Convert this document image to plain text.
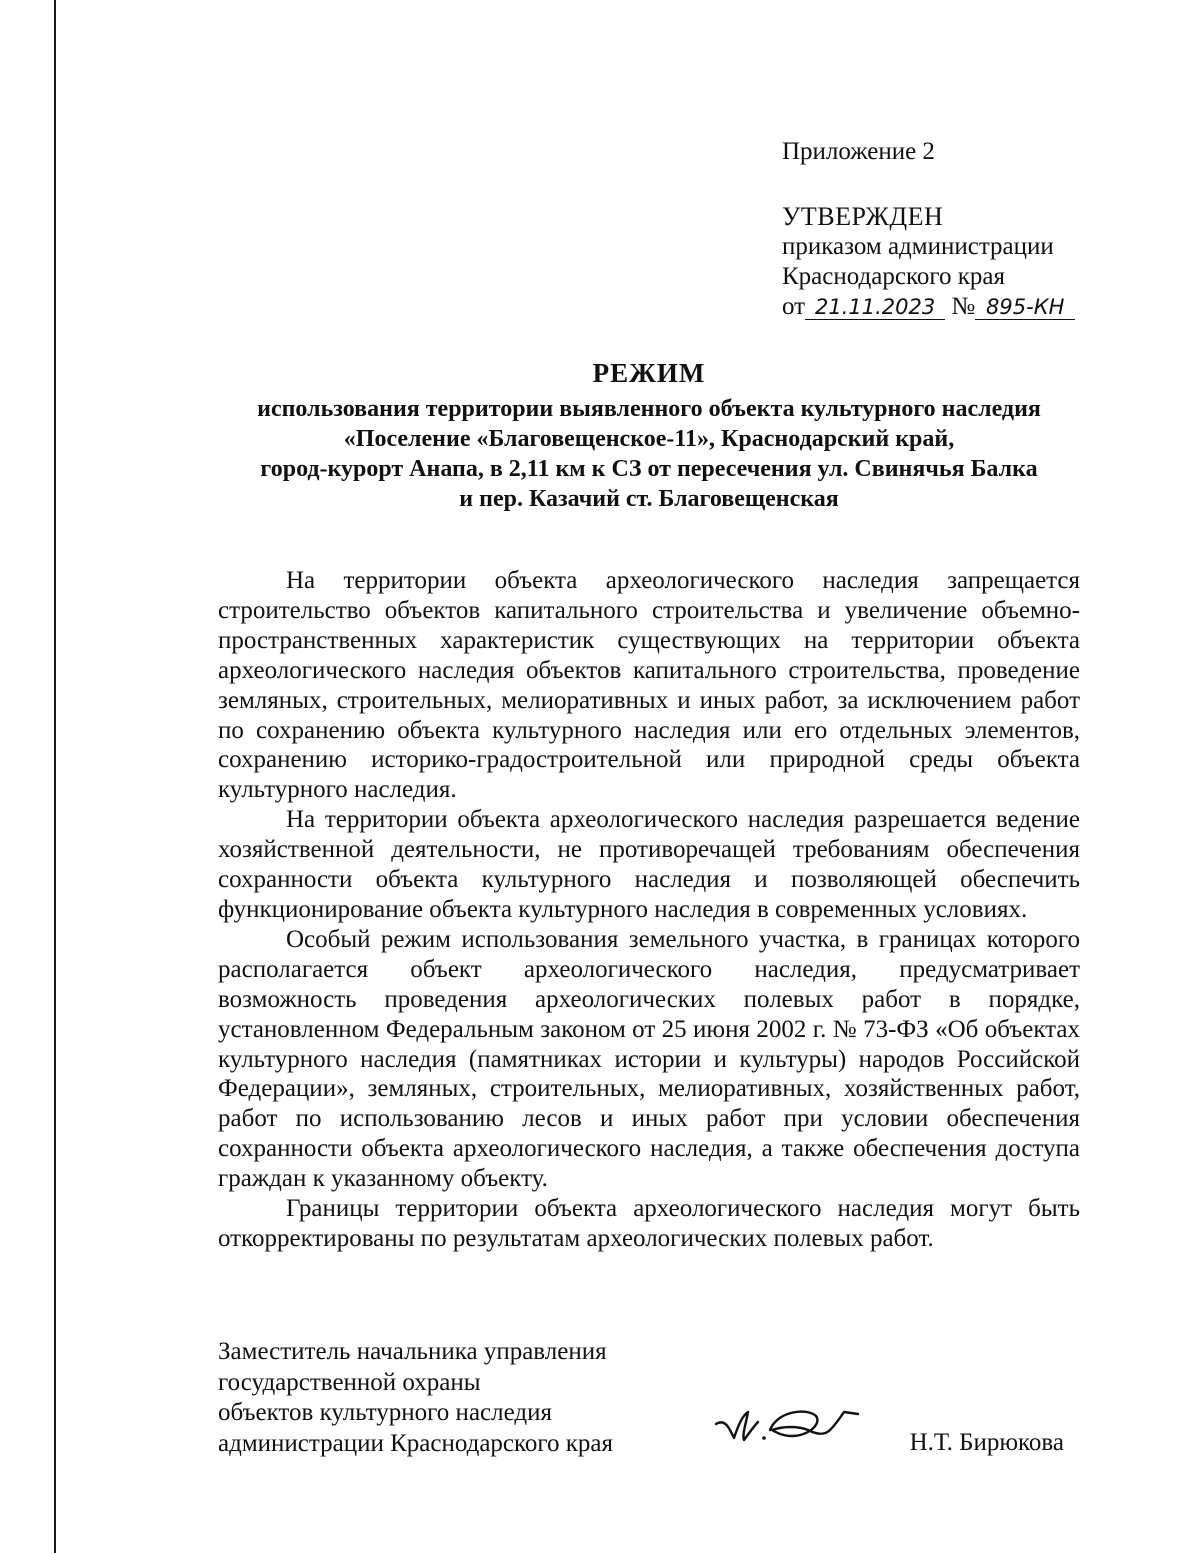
Приложение 2
УТВЕРЖДЕН
приказом администрации
Краснодарского края
от 21.11.2023 № 895-КН
РЕЖИМ
использования территории выявленного объекта культурного наследия
«Поселение «Благовещенское-11», Краснодарский край,
город-курорт Анапа, в 2,11 км к СЗ от пересечения ул. Свинячья Балка
и пер. Казачий ст. Благовещенская

На территории объекта археологического наследия запрещается строительство объектов капитального строительства и увеличение объемно-пространственных характеристик существующих на территории объекта археологического наследия объектов капитального строительства, проведение земляных, строительных, мелиоративных и иных работ, за исключением работ по сохранению объекта культурного наследия или его отдельных элементов, сохранению историко-градостроительной или природной среды объекта культурного наследия.

На территории объекта археологического наследия разрешается ведение хозяйственной деятельности, не противоречащей требованиям обеспечения сохранности объекта культурного наследия и позволяющей обеспечить функционирование объекта культурного наследия в современных условиях.

Особый режим использования земельного участка, в границах которого располагается объект археологического наследия, предусматривает возможность проведения археологических полевых работ в порядке, установленном Федеральным законом от 25 июня 2002 г. № 73-ФЗ «Об объектах культурного наследия (памятниках истории и культуры) народов Российской Федерации», земляных, строительных, мелиоративных, хозяйственных работ, работ по использованию лесов и иных работ при условии обеспечения сохранности объекта археологического наследия, а также обеспечения доступа граждан к указанному объекту.

Границы территории объекта археологического наследия могут быть откорректированы по результатам археологических полевых работ.

Заместитель начальника управления
государственной охраны
объектов культурного наследия
администрации Краснодарского края	Н.Т. Бирюкова
